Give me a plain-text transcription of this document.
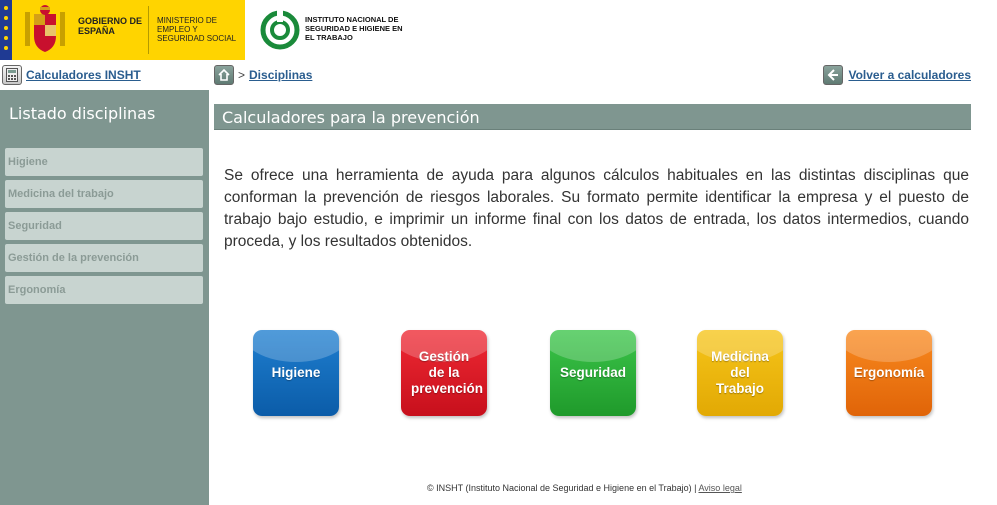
GOBIERNO DE ESPAÑA
MINISTERIO DE EMPLEO Y SEGURIDAD SOCIAL
INSTITUTO NACIONAL DE SEGURIDAD E HIGIENE EN EL TRABAJO
Calculadores INSHT	> Disciplinas	Volver a calculadores
Listado disciplinas
Higiene
Medicina del trabajo
Seguridad
Gestión de la prevención
Ergonomía
Calculadores para la prevención

Se ofrece una herramienta de ayuda para algunos cálculos habituales en las distintas disciplinas que conforman la prevención de riesgos laborales. Su formato permite identificar la empresa y el puesto de trabajo bajo estudio, e imprimir un informe final con los datos de entrada, los datos intermedios, cuando proceda, y los resultados obtenidos.

Higiene
Gestión de la prevención
Seguridad
Medicina del Trabajo
Ergonomía
© INSHT (Instituto Nacional de Seguridad e Higiene en el Trabajo) | Aviso legal
